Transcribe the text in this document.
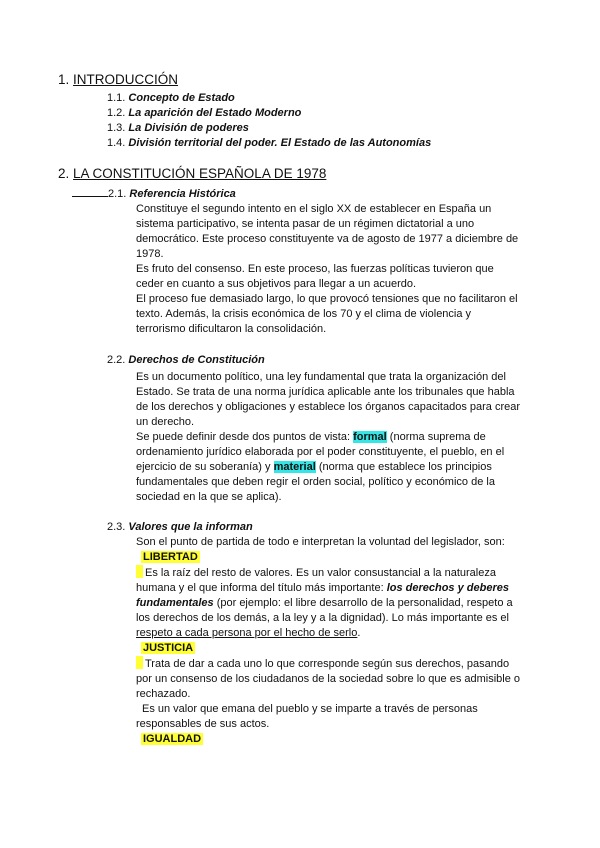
1. INTRODUCCIÓN
1.1. Concepto de Estado
1.2. La aparición del Estado Moderno
1.3. La División de poderes
1.4. División territorial del poder. El Estado de las Autonomías
2. LA CONSTITUCIÓN ESPAÑOLA DE 1978
2.1. Referencia Histórica
Constituye el segundo intento en el siglo XX de establecer en España un
sistema participativo, se intenta pasar de un régimen dictatorial a uno
democrático. Este proceso constituyente va de agosto de 1977 a diciembre de
1978.
Es fruto del consenso. En este proceso, las fuerzas políticas tuvieron que
ceder en cuanto a sus objetivos para llegar a un acuerdo.
El proceso fue demasiado largo, lo que provocó tensiones que no facilitaron el
texto. Además, la crisis económica de los 70 y el clima de violencia y
terrorismo dificultaron la consolidación.
2.2. Derechos de Constitución
Es un documento político, una ley fundamental que trata la organización del
Estado. Se trata de una norma jurídica aplicable ante los tribunales que habla
de los derechos y obligaciones y establece los órganos capacitados para crear
un derecho.
Se puede definir desde dos puntos de vista: formal (norma suprema de
ordenamiento jurídico elaborada por el poder constituyente, el pueblo, en el
ejercicio de su soberanía) y material (norma que establece los principios
fundamentales que deben regir el orden social, político y económico de la
sociedad en la que se aplica).
2.3. Valores que la informan
Son el punto de partida de todo e interpretan la voluntad del legislador, son:
LIBERTAD
Es la raíz del resto de valores. Es un valor consustancial a la naturaleza
humana y el que informa del título más importante: los derechos y deberes
fundamentales (por ejemplo: el libre desarrollo de la personalidad, respeto a
los derechos de los demás, a la ley y a la dignidad). Lo más importante es el
respeto a cada persona por el hecho de serlo.
JUSTICIA
Trata de dar a cada uno lo que corresponde según sus derechos, pasando
por un consenso de los ciudadanos de la sociedad sobre lo que es admisible o
rechazado.
Es un valor que emana del pueblo y se imparte a través de personas
responsables de sus actos.
IGUALDAD
